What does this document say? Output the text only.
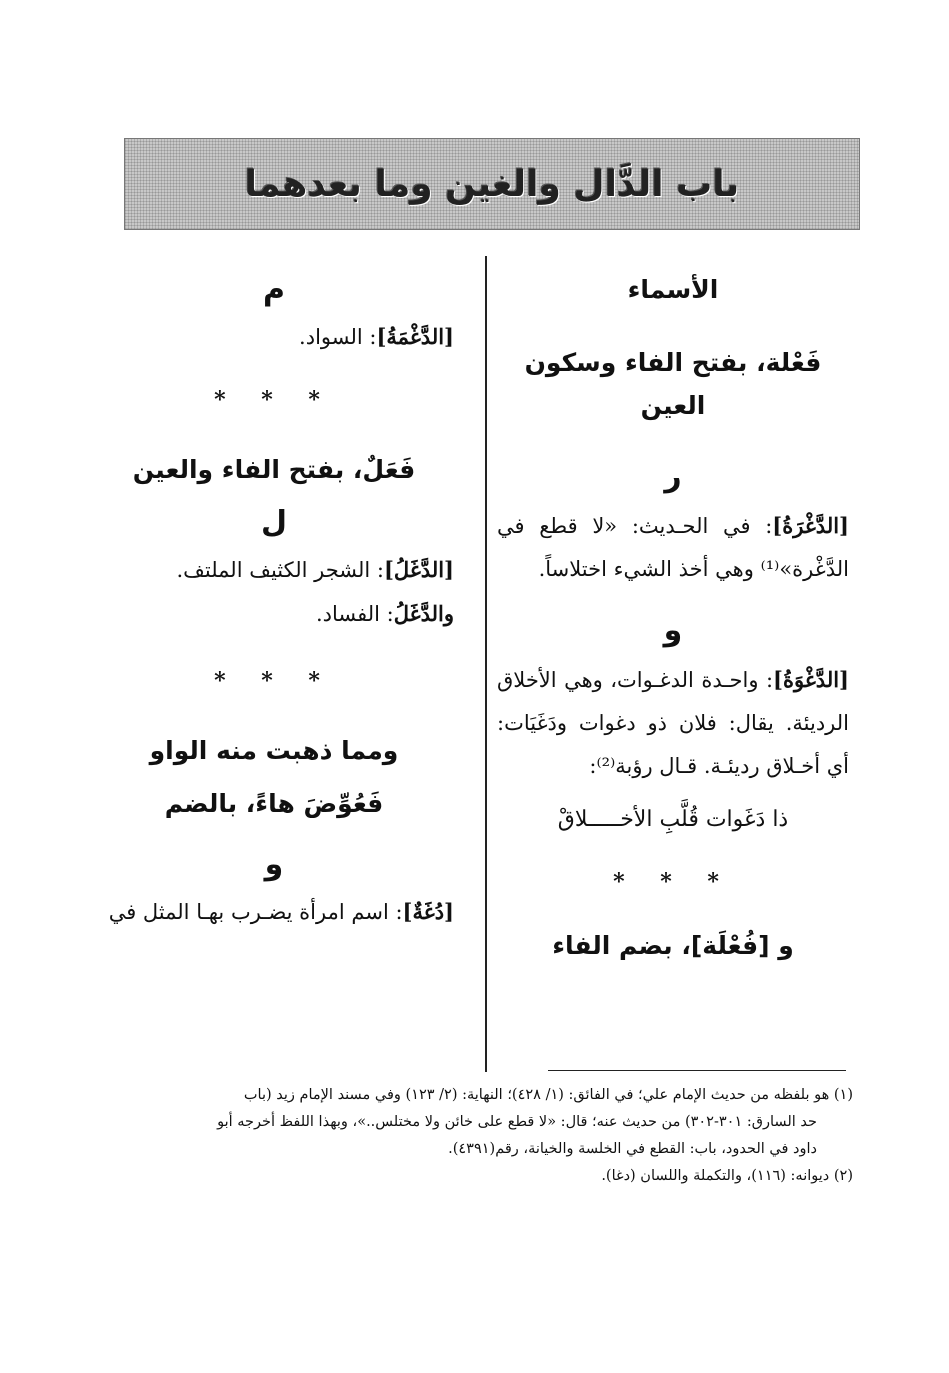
باب الدَّال والغين وما بعدهما

الأسماء

فَعْلة، بفتح الفاء وسكون العين

ر

[الدَّغْرَةُ]: في الحـديث: «لا قطع في الدَّغْرة»⁽¹⁾ وهي أخذ الشيء اختلاساً.

و

[الدَّغْوَةُ]: واحـدة الدغـوات، وهي الأخلاق الرديئة. يقال: فلان ذو دغوات ودَغَيَات: أي أخـلاق رديئـة. قـال رؤبة⁽²⁾:

ذا دَغَوات قُلَّبِ الأخـــــلاقْ

* * *

و [فُعْلَة]، بضم الفاء

م

[الدَّغْمَةُ]: السواد.

* * *

فَعَلٌ، بفتح الفاء والعين

ل

[الدَّغَلُ]: الشجر الكثيف الملتف.

والدَّغَلُ: الفساد.

* * *

ومما ذهبت منه الواو

فَعُوِّضَ هاءً، بالضم

و

[دُغَةٌ]: اسم امرأة يضـرب بهـا المثل في

(١) هو بلفظه من حديث الإمام علي؛ في الفائق: (١/ ٤٢٨)؛ النهاية: (٢/ ١٢٣) وفي مسند الإمام زيد (باب

حد السارق: ٣٠١-٣٠٢) من حديث عنه؛ قال: «لا قطع على خائن ولا مختلس..»، وبهذا اللفظ أخرجه أبو

داود في الحدود، باب: القطع في الخلسة والخيانة، رقم(٤٣٩١).

(٢) ديوانه: (١١٦)، والتكملة واللسان (دغا).
